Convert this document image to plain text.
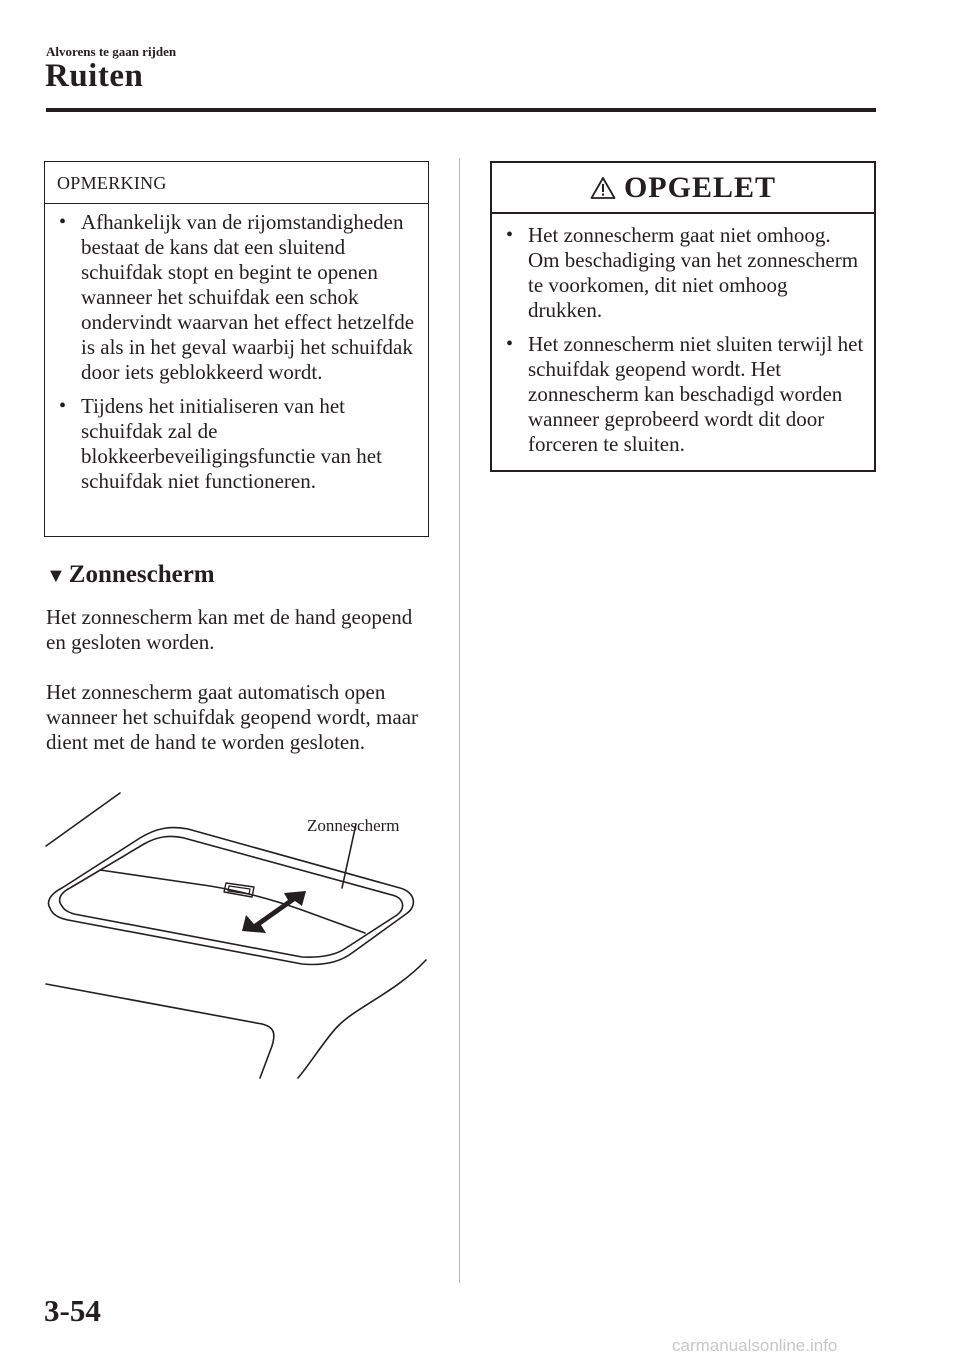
Alvorens te gaan rijden
Ruiten
OPMERKING
• Afhankelijk van de rijomstandigheden bestaat de kans dat een sluitend schuifdak stopt en begint te openen wanneer het schuifdak een schok ondervindt waarvan het effect hetzelfde is als in het geval waarbij het schuifdak door iets geblokkeerd wordt.
• Tijdens het initialiseren van het schuifdak zal de blokkeerbeveiligingsfunctie van het schuifdak niet functioneren.
▼ Zonnescherm
Het zonnescherm kan met de hand geopend en gesloten worden.
Het zonnescherm gaat automatisch open wanneer het schuifdak geopend wordt, maar dient met de hand te worden gesloten.
Zonnescherm
OPGELET
• Het zonnescherm gaat niet omhoog. Om beschadiging van het zonnescherm te voorkomen, dit niet omhoog drukken.
• Het zonnescherm niet sluiten terwijl het schuifdak geopend wordt. Het zonnescherm kan beschadigd worden wanneer geprobeerd wordt dit door forceren te sluiten.
3-54
carmanualsonline.info
